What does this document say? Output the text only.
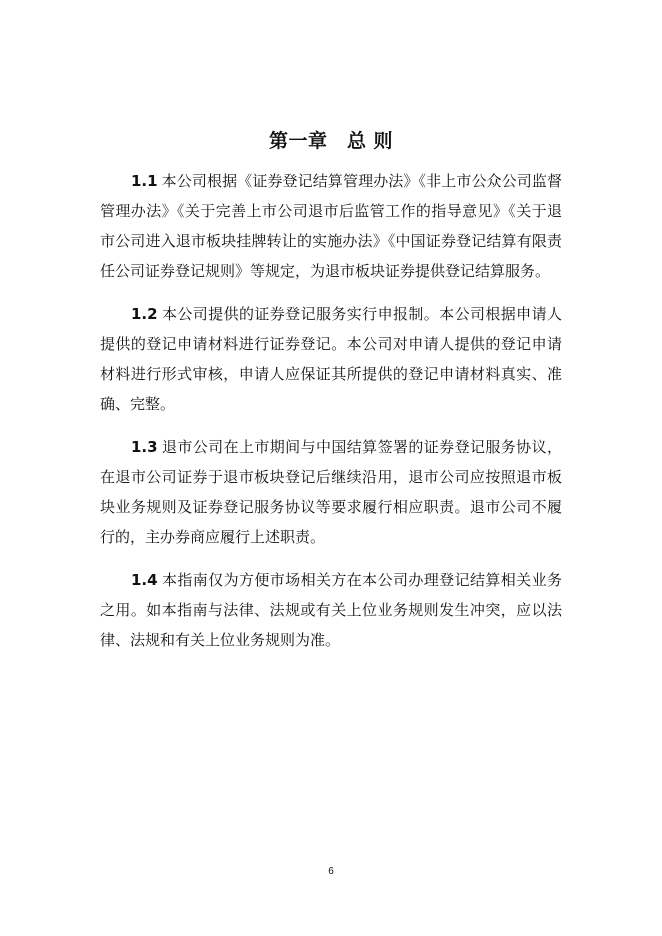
第一章　总 则

1.1 本公司根据《证券登记结算管理办法》《非上市公众公司监督管理办法》《关于完善上市公司退市后监管工作的指导意见》《关于退市公司进入退市板块挂牌转让的实施办法》《中国证券登记结算有限责任公司证券登记规则》等规定，为退市板块证券提供登记结算服务。

1.2 本公司提供的证券登记服务实行申报制。本公司根据申请人提供的登记申请材料进行证券登记。本公司对申请人提供的登记申请材料进行形式审核，申请人应保证其所提供的登记申请材料真实、准确、完整。

1.3 退市公司在上市期间与中国结算签署的证券登记服务协议，在退市公司证券于退市板块登记后继续沿用，退市公司应按照退市板块业务规则及证券登记服务协议等要求履行相应职责。退市公司不履行的，主办券商应履行上述职责。

1.4 本指南仅为方便市场相关方在本公司办理登记结算相关业务之用。如本指南与法律、法规或有关上位业务规则发生冲突，应以法律、法规和有关上位业务规则为准。

6
